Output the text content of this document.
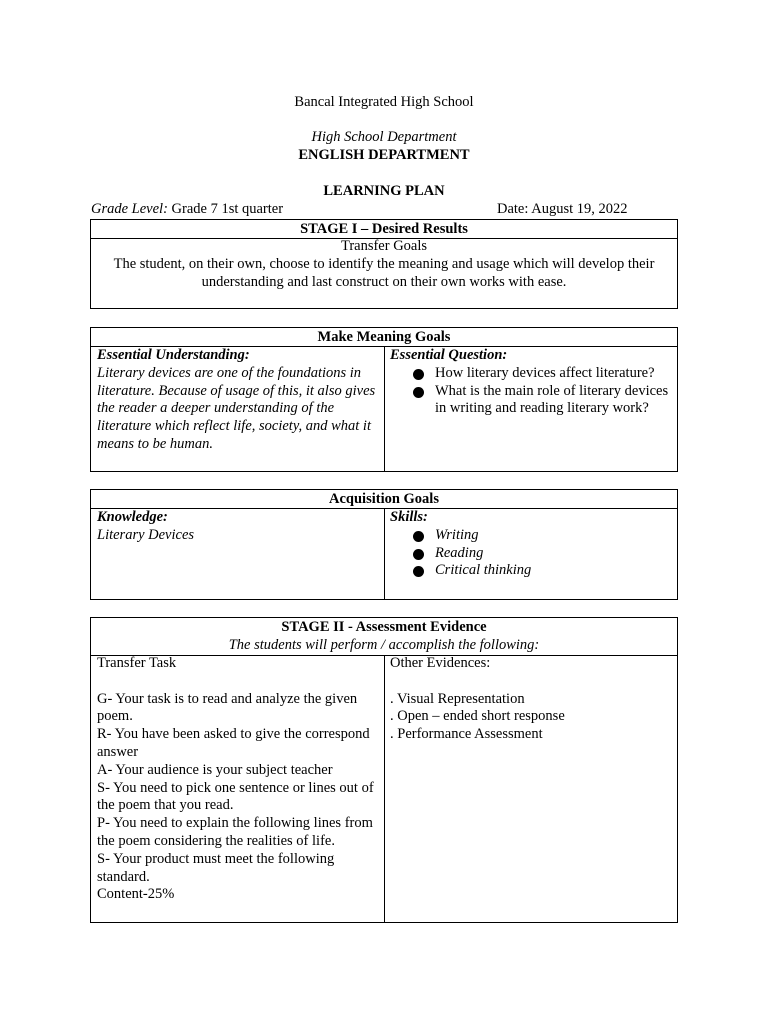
Bancal Integrated High School
High School Department
ENGLISH DEPARTMENT
LEARNING PLAN
Grade Level: Grade 7 1st quarter	Date: August 19, 2022
STAGE I – Desired Results
Transfer Goals
The student, on their own, choose to identify the meaning and usage which will develop their understanding and last construct on their own works with ease.
Make Meaning Goals
Essential Understanding:
Literary devices are one of the foundations in literature. Because of usage of this, it also gives the reader a deeper understanding of the literature which reflect life, society, and what it means to be human.
Essential Question:
How literary devices affect literature?
What is the main role of literary devices in writing and reading literary work?
Acquisition Goals
Knowledge:
Literary Devices
Skills:
Writing
Reading
Critical thinking
STAGE II - Assessment Evidence
The students will perform / accomplish the following:
Transfer Task
G- Your task is to read and analyze the given poem.
R- You have been asked to give the correspond answer
A- Your audience is your subject teacher
S- You need to pick one sentence or lines out of the poem that you read.
P- You need to explain the following lines from the poem considering the realities of life.
S- Your product must meet the following standard.
Content-25%
Other Evidences:
. Visual Representation
. Open – ended short response
. Performance Assessment
